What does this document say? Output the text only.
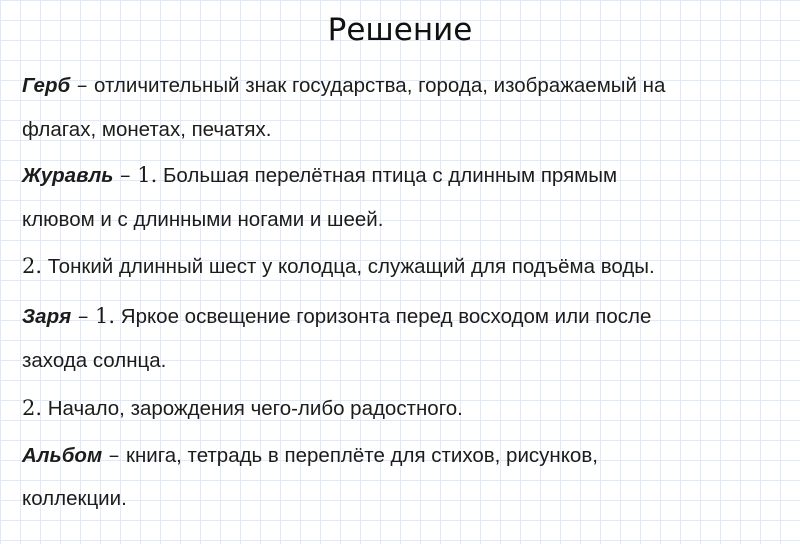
Решение
Герб – отличительный знак государства, города, изображаемый на
флагах, монетах, печатях.
Журавль – 1. Большая перелётная птица с длинным прямым
клювом и с длинными ногами и шеей.
2. Тонкий длинный шест у колодца, служащий для подъёма воды.
Заря – 1. Яркое освещение горизонта перед восходом или после
захода солнца.
2. Начало, зарождения чего-либо радостного.
Альбом – книга, тетрадь в переплёте для стихов, рисунков,
коллекции.
